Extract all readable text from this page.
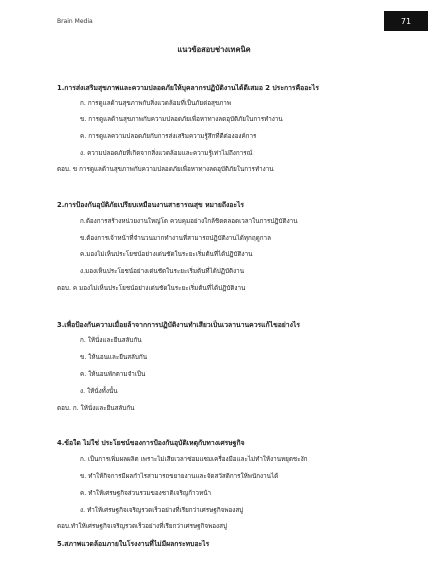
Brain Media	71
แนวข้อสอบช่างเทคนิค
1.การส่งเสริมสุขภาพและความปลอดภัยให้บุคลากรปฏิบัติงานได้ดีเสมอ 2 ประการคืออะไร
ก. การดูแลด้านสุขภาพกับสิ่งแวดล้อมที่เป็นภัยต่อสุขภาพ
ข. การดูแลด้านสุขภาพกับความปลอดภัยเพื่อหาทางลดอุบัติภัยในการทำงาน
ค. การดูแลความปลอดภัยกับการส่งเสริมความรู้สึกที่ดีต่ององค์การ
ง. ความปลอดภัยที่เกิดจากสิ่งแวดล้อมและความรู้เท่าไม่ถึงการณ์
ตอบ. ข การดูแลด้านสุขภาพกับความปลอดภัยเพื่อหาทางลดอุบัติภัยในการทำงาน
2.การป้องกันอุบัติภัยเปรียบเหมือนงานสาธารณสุข หมายถึงอะไร
ก.ต้องการสร้างหน่วยงานใหญ่โต ควบคุมอย่างใกล้ชิดตลอดเวลาในการปฏิบัติงาน
ข.ต้องการเจ้าหน้าที่จำนวนมากทำงานที่สามารถปฏิบัติงานได้ทุกฤดูกาล
ค.มองไม่เห็นประโยชน์อย่างเด่นชัดในระยะเริ่มต้นที่ได้ปฏิบัติงาน
ง.มองเห็นประโยชน์อย่างเด่นชัดในระยะเริ่มต้นที่ได้ปฏิบัติงาน
ตอบ. ค มองไม่เห็นประโยชน์อย่างเด่นชัดในระยะเริ่มต้นที่ได้ปฏิบัติงาน
3.เพื่อป้องกันความเมื่อยล้าจากการปฏิบัติงานทำเสียวเป็นเวลานานควรแก้ไขอย่างไร
ก. ให้นั่งและยืนสลับกัน
ข. ให้นอนและยืนสลับกัน
ค. ให้นอนพักตามจำเป็น
ง. ให้นั่งทั้งนั้น
ตอบ. ก. ให้นั่งและยืนสลับกัน
4.ข้อใด ไม่ใช่ ประโยชน์ของการป้องกันอุบัติเหตุกับทางเศรษฐกิจ
ก. เป็นการเพิ่มผลผลิต เพราะไม่เสียเวลาซ่อมแซมเครื่องมือและไม่ทำให้งานหยุดชะงัก
ข. ทำให้กิจการมีผลกำไรสามารถขยายงานและจัดสวัสดิการให้พนักงานได้
ค. ทำให้เศรษฐกิจส่วนรวมของชาติเจริญก้าวหน้า
ง. ทำให้เศรษฐกิจเจริญรวดเร็วอย่างที่เรียกว่าเศรษฐกิจพองสบู่
ตอบ.ทำให้เศรษฐกิจเจริญรวดเร็วอย่างที่เรียกว่าเศรษฐกิจพองสบู่
5.สภาพแวดล้อมภายในโรงงานที่ไม่มีผลกระทบอะไร
